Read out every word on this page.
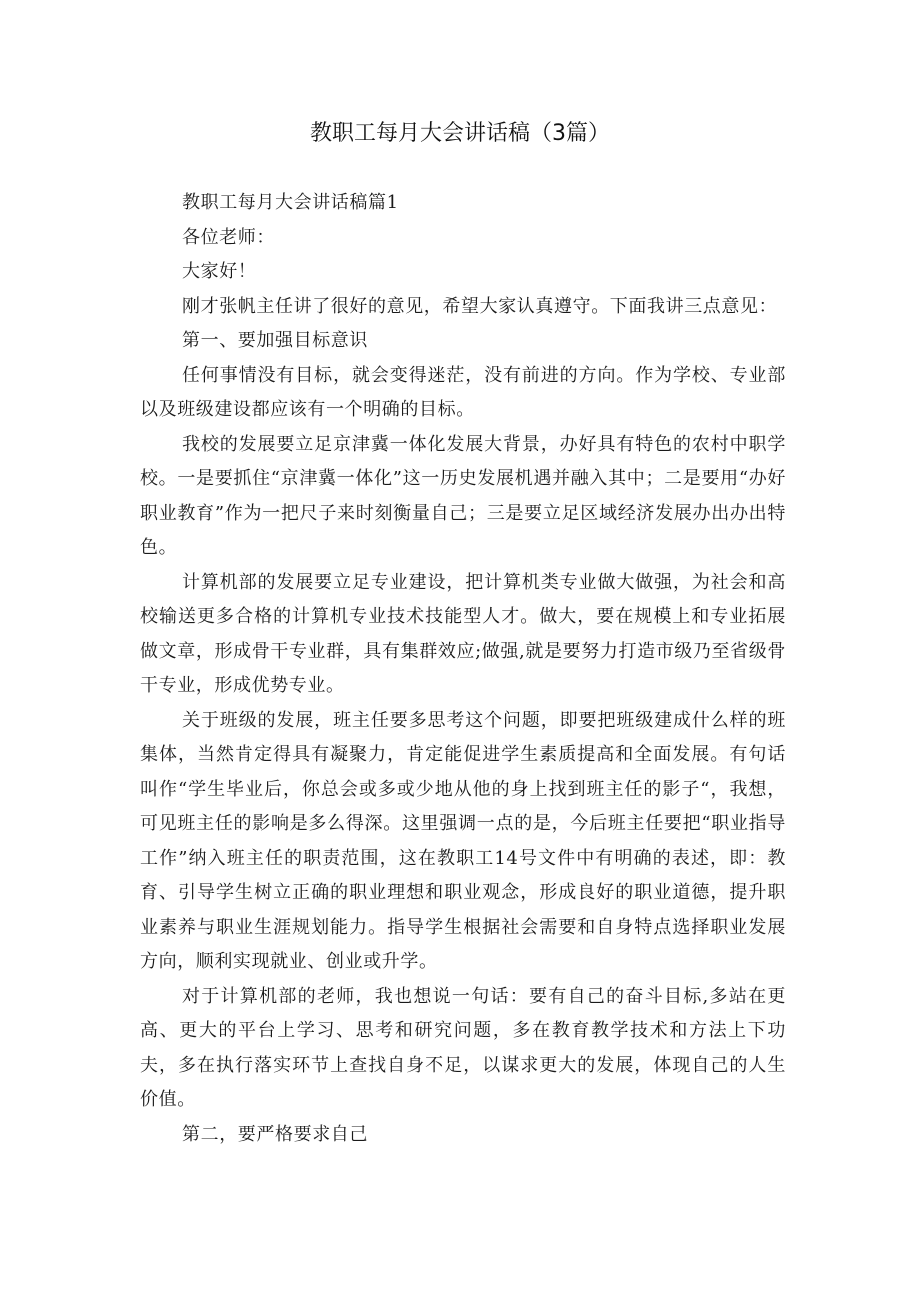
教职工每月大会讲话稿（3篇）

教职工每月大会讲话稿篇1

各位老师：

大家好！

刚才张帆主任讲了很好的意见，希望大家认真遵守。下面我讲三点意见：

第一、要加强目标意识

任何事情没有目标，就会变得迷茫，没有前进的方向。作为学校、专业部以及班级建设都应该有一个明确的目标。

我校的发展要立足京津冀一体化发展大背景，办好具有特色的农村中职学校。一是要抓住“京津冀一体化”这一历史发展机遇并融入其中；二是要用“办好职业教育”作为一把尺子来时刻衡量自己；三是要立足区域经济发展办出办出特色。

计算机部的发展要立足专业建设，把计算机类专业做大做强，为社会和高校输送更多合格的计算机专业技术技能型人才。做大，要在规模上和专业拓展做文章，形成骨干专业群，具有集群效应;做强,就是要努力打造市级乃至省级骨干专业，形成优势专业。

关于班级的发展，班主任要多思考这个问题，即要把班级建成什么样的班集体，当然肯定得具有凝聚力，肯定能促进学生素质提高和全面发展。有句话叫作“学生毕业后，你总会或多或少地从他的身上找到班主任的影子“，我想，可见班主任的影响是多么得深。这里强调一点的是，今后班主任要把“职业指导工作”纳入班主任的职责范围，这在教职工14号文件中有明确的表述，即：教育、引导学生树立正确的职业理想和职业观念，形成良好的职业道德，提升职业素养与职业生涯规划能力。指导学生根据社会需要和自身特点选择职业发展方向，顺利实现就业、创业或升学。

对于计算机部的老师，我也想说一句话：要有自己的奋斗目标,多站在更高、更大的平台上学习、思考和研究问题，多在教育教学技术和方法上下功夫，多在执行落实环节上查找自身不足，以谋求更大的发展，体现自己的人生价值。

第二，要严格要求自己
